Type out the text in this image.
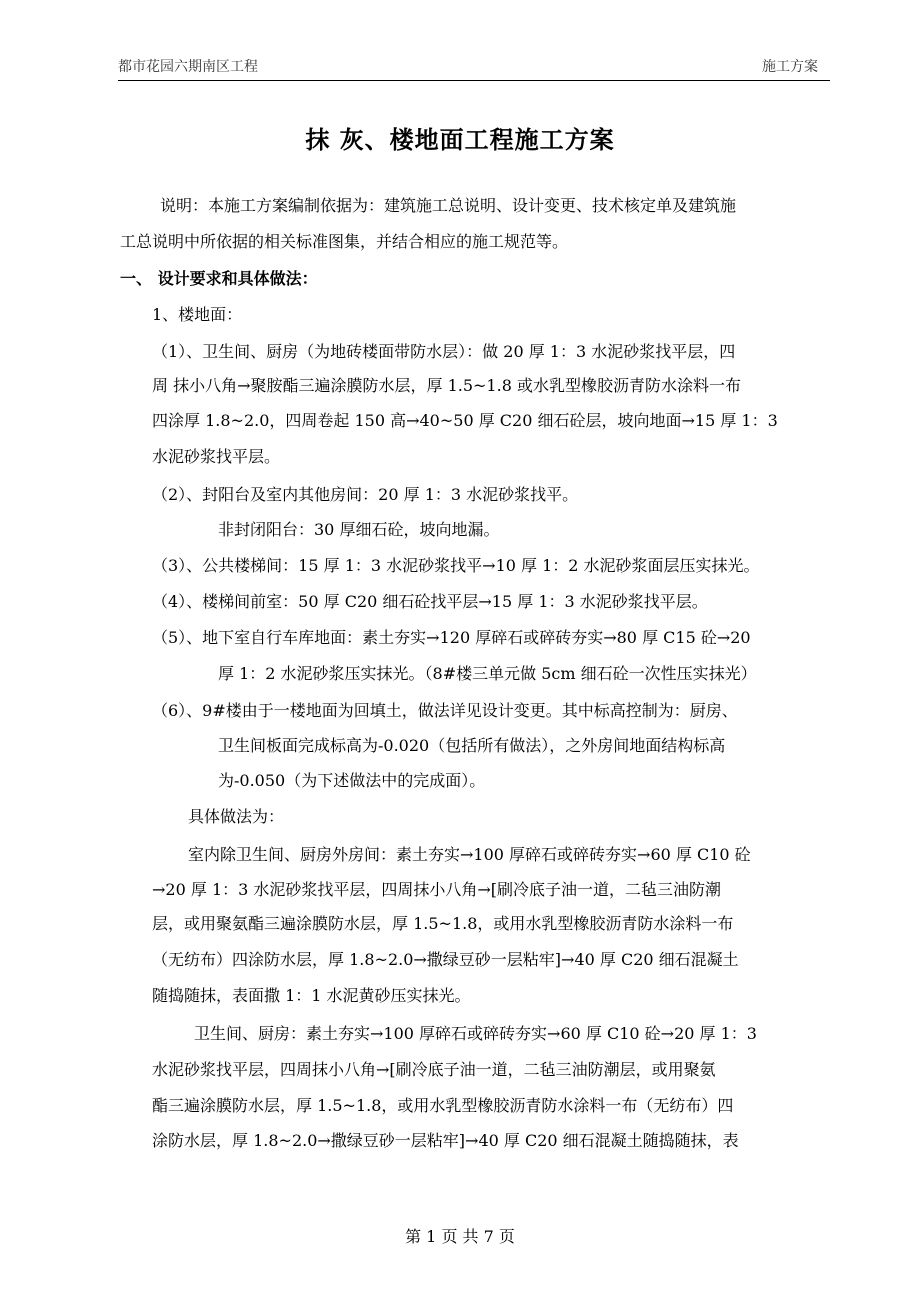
都市花园六期南区工程	施工方案
抹 灰、楼地面工程施工方案
说明：本施工方案编制依据为：建筑施工总说明、设计变更、技术核定单及建筑施
工总说明中所依据的相关标准图集，并结合相应的施工规范等。
一、 设计要求和具体做法：
1、楼地面：
（1）、卫生间、厨房（为地砖楼面带防水层）：做 20 厚 1：3 水泥砂浆找平层，四
周 抹小八角→聚胺酯三遍涂膜防水层，厚 1.5~1.8 或水乳型橡胶沥青防水涂料一布
四涂厚 1.8~2.0，四周卷起 150 高→40~50 厚 C20 细石砼层，坡向地面→15 厚 1：3
水泥砂浆找平层。
（2）、封阳台及室内其他房间：20 厚 1：3 水泥砂浆找平。
非封闭阳台：30 厚细石砼，坡向地漏。
（3）、公共楼梯间：15 厚 1：3 水泥砂浆找平→10 厚 1：2 水泥砂浆面层压实抹光。
（4）、楼梯间前室：50 厚 C20 细石砼找平层→15 厚 1：3 水泥砂浆找平层。
（5）、地下室自行车库地面：素土夯实→120 厚碎石或碎砖夯实→80 厚 C15 砼→20
厚 1：2 水泥砂浆压实抹光。（8#楼三单元做 5cm 细石砼一次性压实抹光）
（6）、9#楼由于一楼地面为回填土，做法详见设计变更。其中标高控制为：厨房、
卫生间板面完成标高为-0.020（包括所有做法），之外房间地面结构标高
为-0.050（为下述做法中的完成面）。
具体做法为：
室内除卫生间、厨房外房间：素土夯实→100 厚碎石或碎砖夯实→60 厚 C10 砼
→20 厚 1：3 水泥砂浆找平层，四周抹小八角→[刷冷底子油一道，二毡三油防潮
层，或用聚氨酯三遍涂膜防水层，厚 1.5~1.8，或用水乳型橡胶沥青防水涂料一布
（无纺布）四涂防水层，厚 1.8~2.0→撒绿豆砂一层粘牢]→40 厚 C20 细石混凝土
随捣随抹，表面撒 1：1 水泥黄砂压实抹光。
卫生间、厨房：素土夯实→100 厚碎石或碎砖夯实→60 厚 C10 砼→20 厚 1：3
水泥砂浆找平层，四周抹小八角→[刷冷底子油一道，二毡三油防潮层，或用聚氨
酯三遍涂膜防水层，厚 1.5~1.8，或用水乳型橡胶沥青防水涂料一布（无纺布）四
涂防水层，厚 1.8~2.0→撒绿豆砂一层粘牢]→40 厚 C20 细石混凝土随捣随抹，表
第 1 页 共 7 页
